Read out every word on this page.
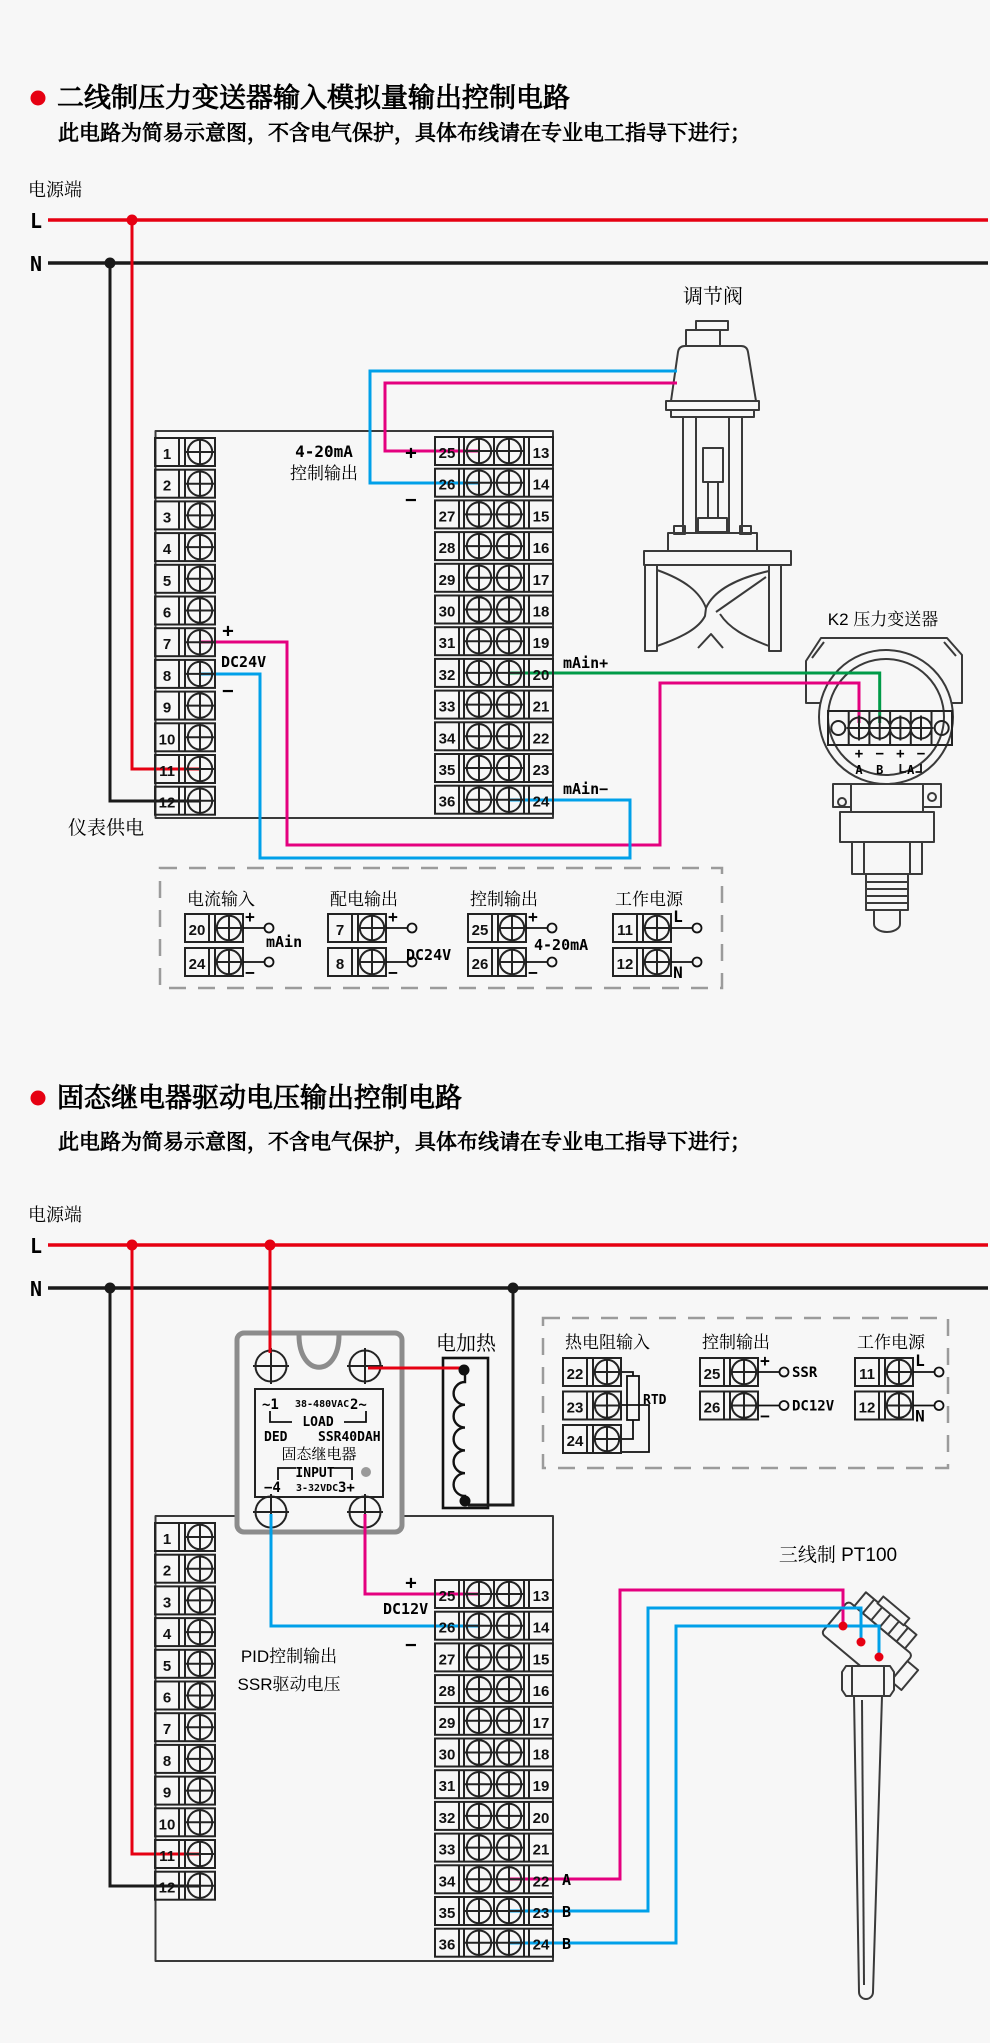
1
2
3
4
5
6
7
8
9
10
11
12
25	13
26	14
27	15
28	16
29	17
30	18
31	19
32	20
33	21
34	22
35	23
36	24
1
2
3
4
5
6
7
8
9
10
11
12
25	13
26	14
27	15
28	16
29	17
30	18
31	19
32	20
33	21
34	22
35	23
36	24
电流输入
20
+
24 −
mAin
配电输出
7
+
8	−
DC24V
控制输出
25
+
26 −
4-20mA
工作电源
11
L
12 N
热电阻输入
22
23
24
控制输出
25
+
SSR
26 − DC12V
工作电源
11
L
12 N
二线制压力变送器输入模拟量输出控制电路
此电路为简易示意图，不含电气保护，具体布线请在专业电工指导下进行；
电源端
L
N
调节阀
4-20mA
控制输出
+
−
+
DC24V
−
mAin+
mAin−
仪表供电
K2 压力变送器
+ − + −
A B A
固态继电器驱动电压输出控制电路
此电路为简易示意图，不含电气保护，具体布线请在专业电工指导下进行；
电源端
L
N
~1 38-480VAC 2~
LOAD
DED SSR40DAH
固态继电器
INPUT
−4 3-32VDC 3+
电加热
RTD
三线制 PT100
+
DC12V
−
PID控制输出
SSR驱动电压
A
B
B
